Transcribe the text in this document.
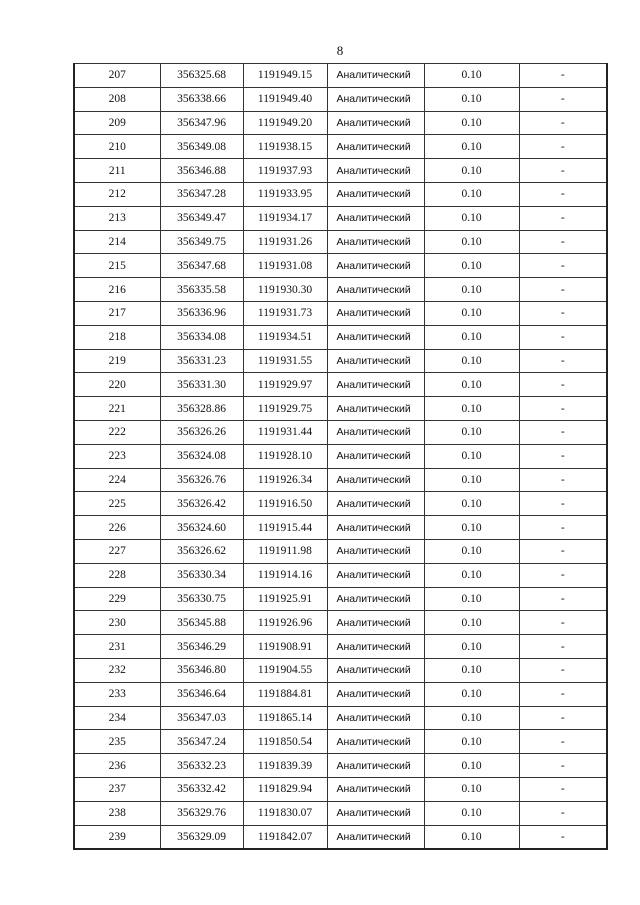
8
207	356325.68	1191949.15	Аналитический	0.10	-
208	356338.66	1191949.40	Аналитический	0.10	-
209	356347.96	1191949.20	Аналитический	0.10	-
210	356349.08	1191938.15	Аналитический	0.10	-
211	356346.88	1191937.93	Аналитический	0.10	-
212	356347.28	1191933.95	Аналитический	0.10	-
213	356349.47	1191934.17	Аналитический	0.10	-
214	356349.75	1191931.26	Аналитический	0.10	-
215	356347.68	1191931.08	Аналитический	0.10	-
216	356335.58	1191930.30	Аналитический	0.10	-
217	356336.96	1191931.73	Аналитический	0.10	-
218	356334.08	1191934.51	Аналитический	0.10	-
219	356331.23	1191931.55	Аналитический	0.10	-
220	356331.30	1191929.97	Аналитический	0.10	-
221	356328.86	1191929.75	Аналитический	0.10	-
222	356326.26	1191931.44	Аналитический	0.10	-
223	356324.08	1191928.10	Аналитический	0.10	-
224	356326.76	1191926.34	Аналитический	0.10	-
225	356326.42	1191916.50	Аналитический	0.10	-
226	356324.60	1191915.44	Аналитический	0.10	-
227	356326.62	1191911.98	Аналитический	0.10	-
228	356330.34	1191914.16	Аналитический	0.10	-
229	356330.75	1191925.91	Аналитический	0.10	-
230	356345.88	1191926.96	Аналитический	0.10	-
231	356346.29	1191908.91	Аналитический	0.10	-
232	356346.80	1191904.55	Аналитический	0.10	-
233	356346.64	1191884.81	Аналитический	0.10	-
234	356347.03	1191865.14	Аналитический	0.10	-
235	356347.24	1191850.54	Аналитический	0.10	-
236	356332.23	1191839.39	Аналитический	0.10	-
237	356332.42	1191829.94	Аналитический	0.10	-
238	356329.76	1191830.07	Аналитический	0.10	-
239	356329.09	1191842.07	Аналитический	0.10	-
